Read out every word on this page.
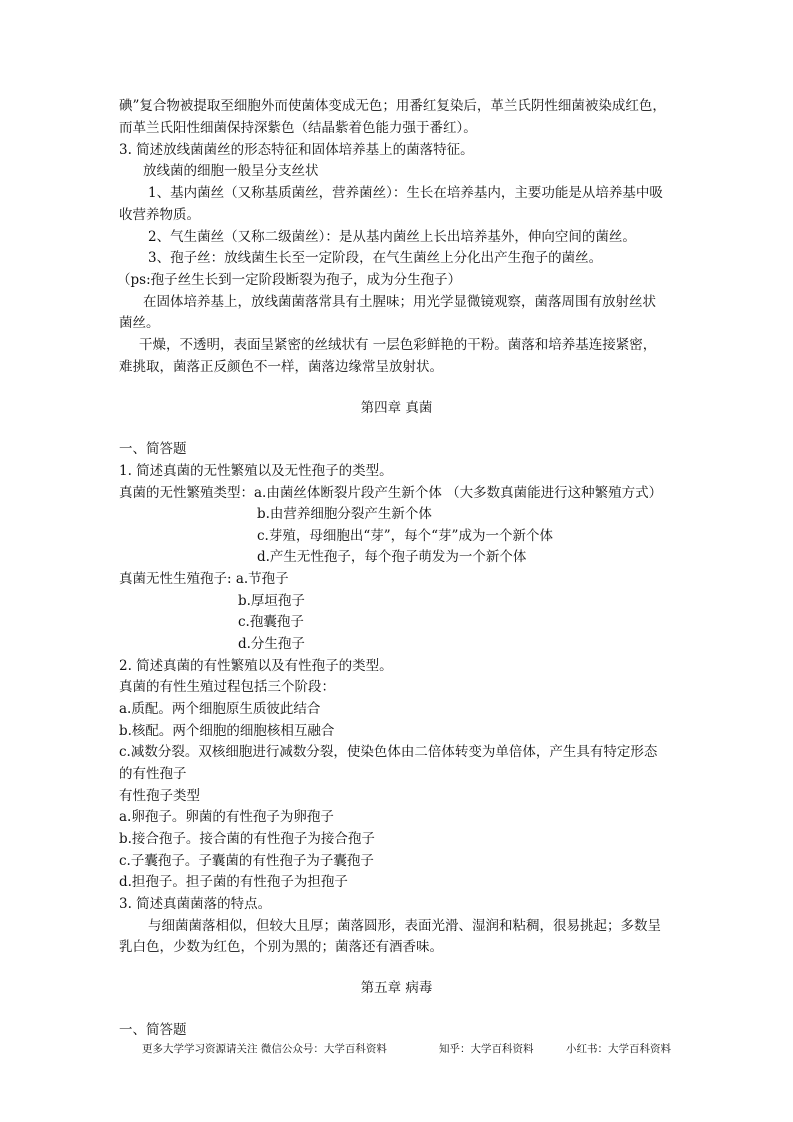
碘”复合物被提取至细胞外而使菌体变成无色；用番红复染后，革兰氏阴性细菌被染成红色，
而革兰氏阳性细菌保持深紫色（结晶紫着色能力强于番红）。
3. 简述放线菌菌丝的形态特征和固体培养基上的菌落特征。
放线菌的细胞一般呈分支丝状
1、基内菌丝（又称基质菌丝，营养菌丝）：生长在培养基内，主要功能是从培养基中吸
收营养物质。
2、气生菌丝（又称二级菌丝）：是从基内菌丝上长出培养基外，伸向空间的菌丝。
3、孢子丝：放线菌生长至一定阶段，在气生菌丝上分化出产生孢子的菌丝。
（ps:孢子丝生长到一定阶段断裂为孢子，成为分生孢子）
在固体培养基上，放线菌菌落常具有土腥味；用光学显微镜观察，菌落周围有放射丝状
菌丝。
干燥，不透明，表面呈紧密的丝绒状有 一层色彩鲜艳的干粉。菌落和培养基连接紧密，
难挑取，菌落正反颜色不一样，菌落边缘常呈放射状。
第四章 真菌
一、简答题
1. 简述真菌的无性繁殖以及无性孢子的类型。
真菌的无性繁殖类型：a.由菌丝体断裂片段产生新个体 （大多数真菌能进行这种繁殖方式）
b.由营养细胞分裂产生新个体
c.芽殖，母细胞出“芽”，每个“芽”成为一个新个体
d.产生无性孢子，每个孢子萌发为一个新个体
真菌无性生殖孢子: a.节孢子
b.厚垣孢子
c.孢囊孢子
d.分生孢子
2. 简述真菌的有性繁殖以及有性孢子的类型。
真菌的有性生殖过程包括三个阶段：
a.质配。两个细胞原生质彼此结合
b.核配。两个细胞的细胞核相互融合
c.减数分裂。双核细胞进行减数分裂，使染色体由二倍体转变为单倍体，产生具有特定形态
的有性孢子
有性孢子类型
a.卵孢子。卵菌的有性孢子为卵孢子
b.接合孢子。接合菌的有性孢子为接合孢子
c.子囊孢子。子囊菌的有性孢子为子囊孢子
d.担孢子。担子菌的有性孢子为担孢子
3. 简述真菌菌落的特点。
与细菌菌落相似，但较大且厚；菌落圆形，表面光滑、湿润和粘稠，很易挑起；多数呈
乳白色，少数为红色，个别为黑的；菌落还有酒香味。
第五章 病毒
一、简答题
更多大学学习资源请关注 微信公众号：大学百科资料	知乎：大学百科资料	小红书：大学百科资料
